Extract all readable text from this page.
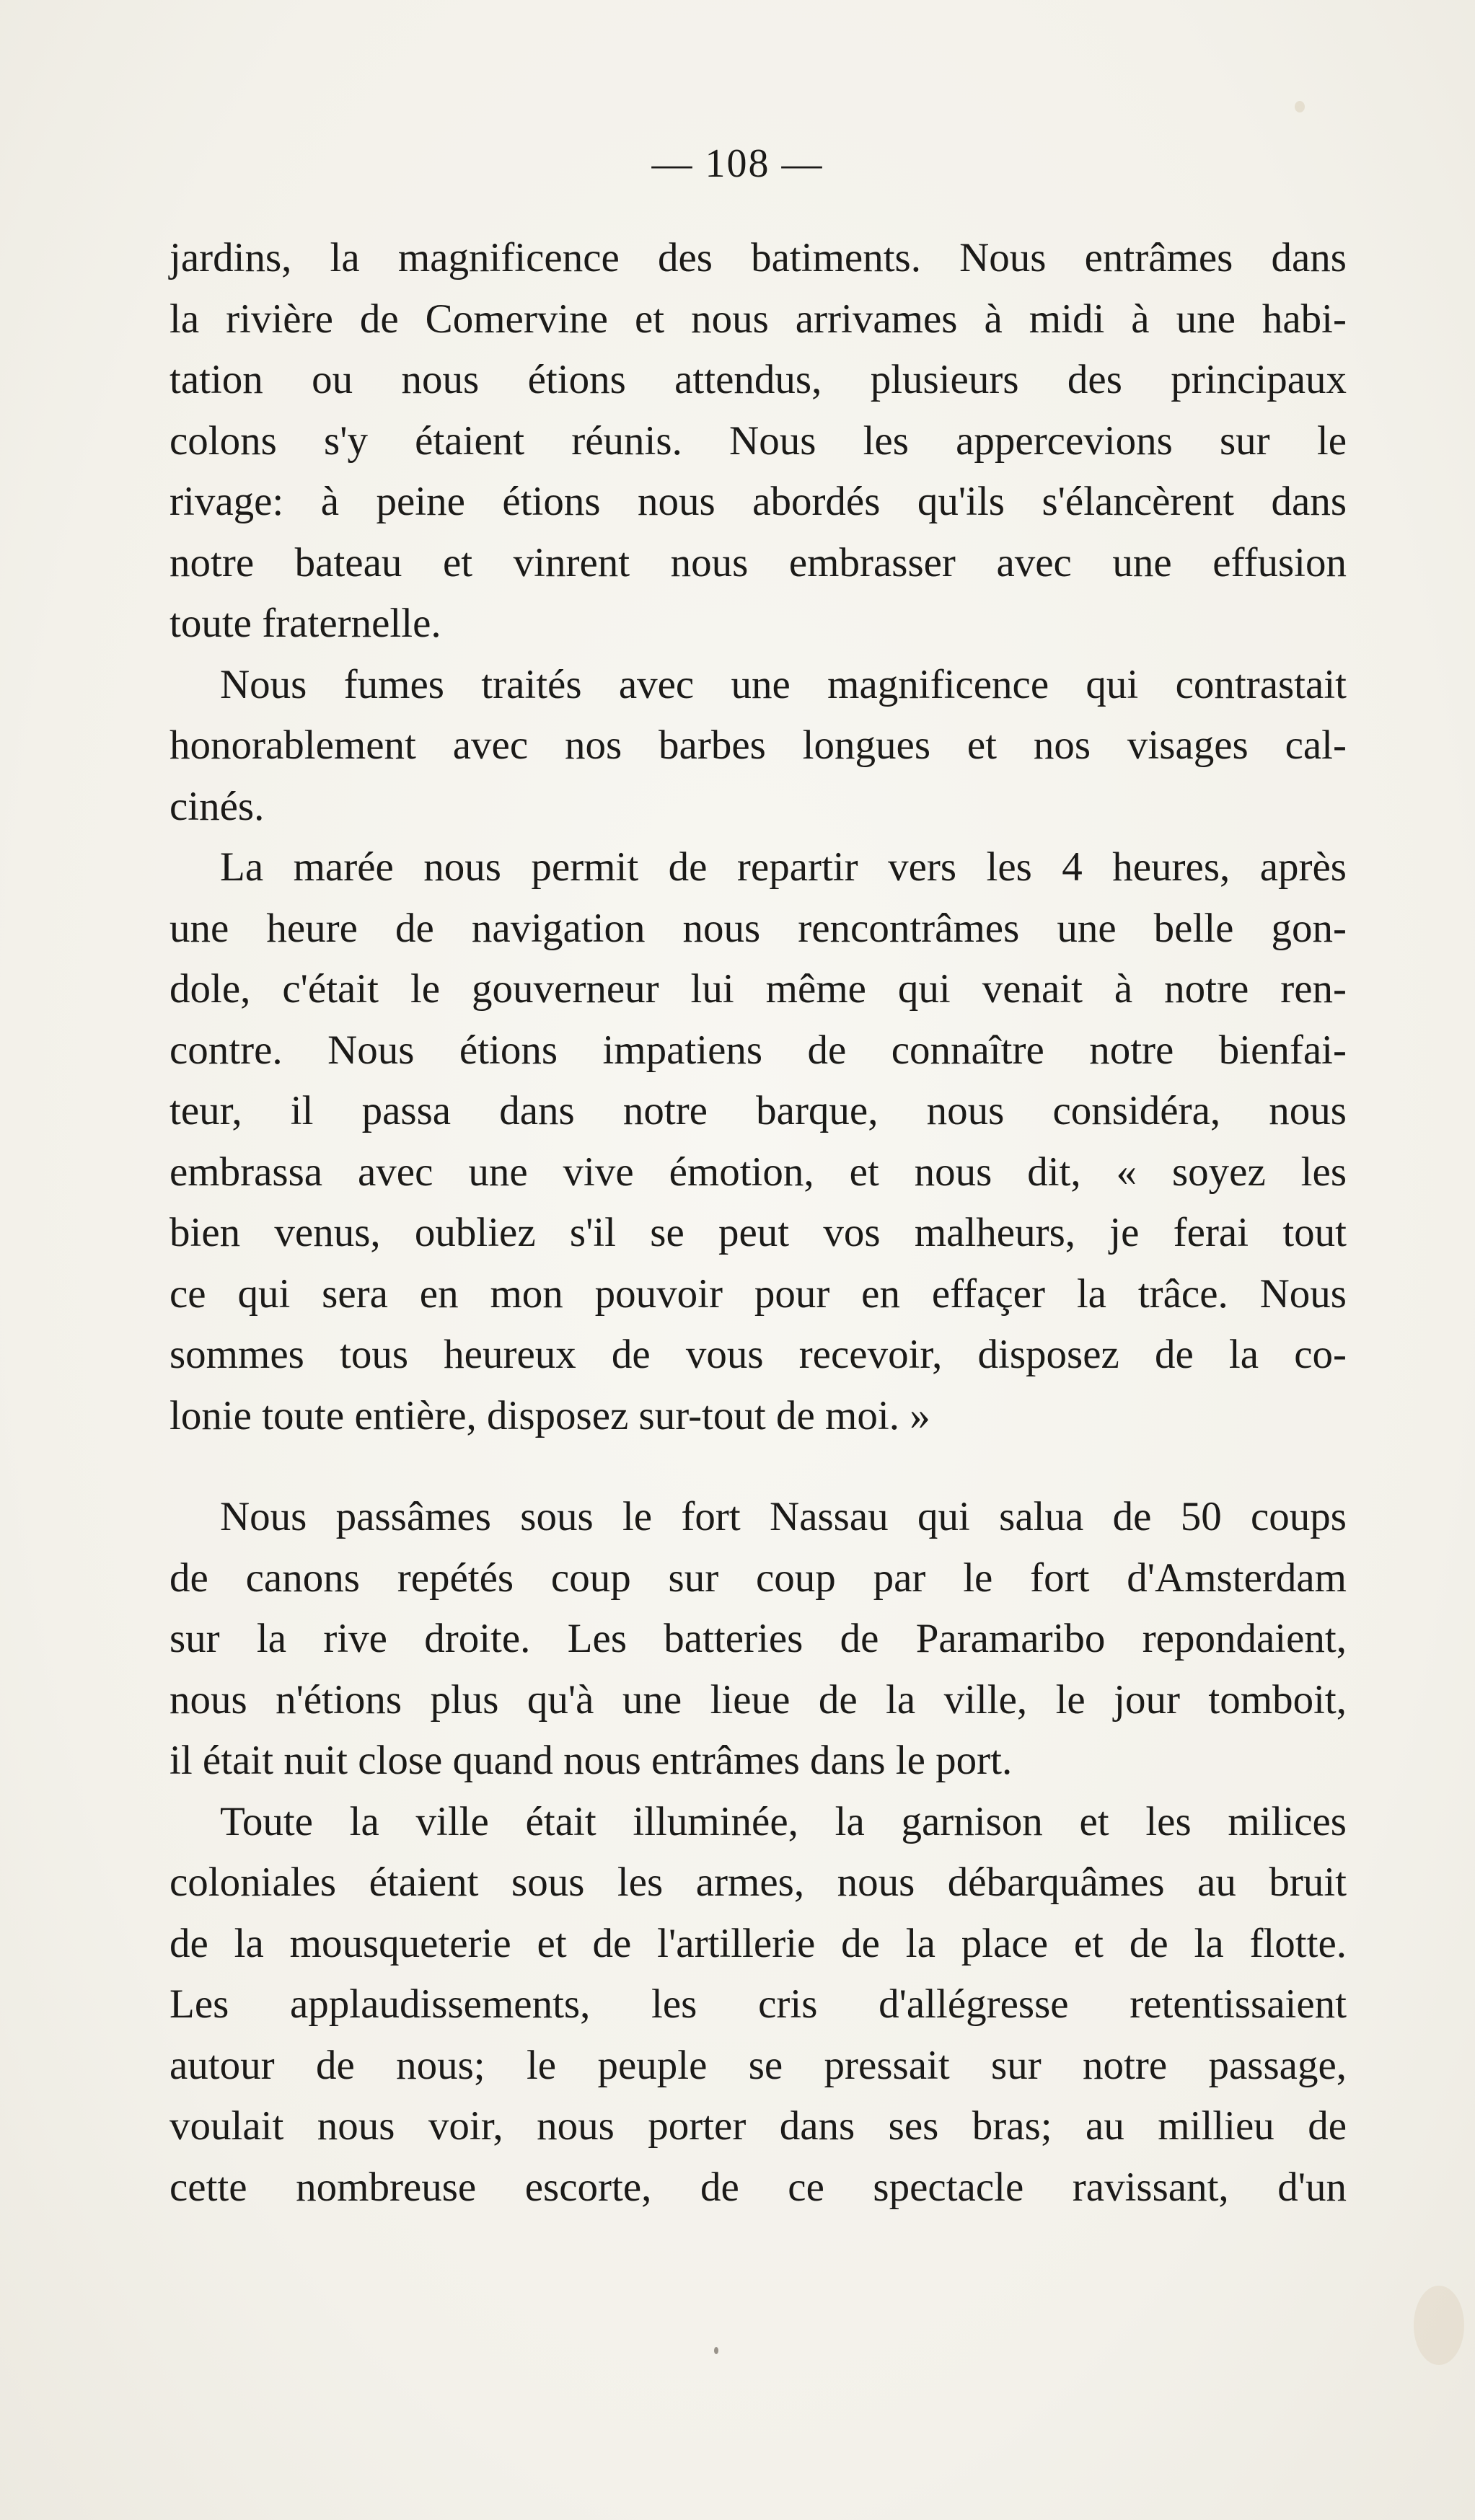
— 108 —
jardins, la magnificence des batiments. Nous entrâmes dans
la rivière de Comervine et nous arrivames à midi à une habi-
tation ou nous étions attendus, plusieurs des principaux
colons s'y étaient réunis. Nous les appercevions sur le
rivage: à peine étions nous abordés qu'ils s'élancèrent dans
notre bateau et vinrent nous embrasser avec une effusion
toute fraternelle.
Nous fumes traités avec une magnificence qui contrastait
honorablement avec nos barbes longues et nos visages cal-
cinés.
La marée nous permit de repartir vers les 4 heures, après
une heure de navigation nous rencontrâmes une belle gon-
dole, c'était le gouverneur lui même qui venait à notre ren-
contre. Nous étions impatiens de connaître notre bienfai-
teur, il passa dans notre barque, nous considéra, nous
embrassa avec une vive émotion, et nous dit, « soyez les
bien venus, oubliez s'il se peut vos malheurs, je ferai tout
ce qui sera en mon pouvoir pour en effaçer la trâce. Nous
sommes tous heureux de vous recevoir, disposez de la co-
lonie toute entière, disposez sur-tout de moi. »
Nous passâmes sous le fort Nassau qui salua de 50 coups
de canons repétés coup sur coup par le fort d'Amsterdam
sur la rive droite. Les batteries de Paramaribo repondaient,
nous n'étions plus qu'à une lieue de la ville, le jour tomboit,
il était nuit close quand nous entrâmes dans le port.
Toute la ville était illuminée, la garnison et les milices
coloniales étaient sous les armes, nous débarquâmes au bruit
de la mousqueterie et de l'artillerie de la place et de la flotte.
Les applaudissements, les cris d'allégresse retentissaient
autour de nous; le peuple se pressait sur notre passage,
voulait nous voir, nous porter dans ses bras; au millieu de
cette nombreuse escorte, de ce spectacle ravissant, d'un
